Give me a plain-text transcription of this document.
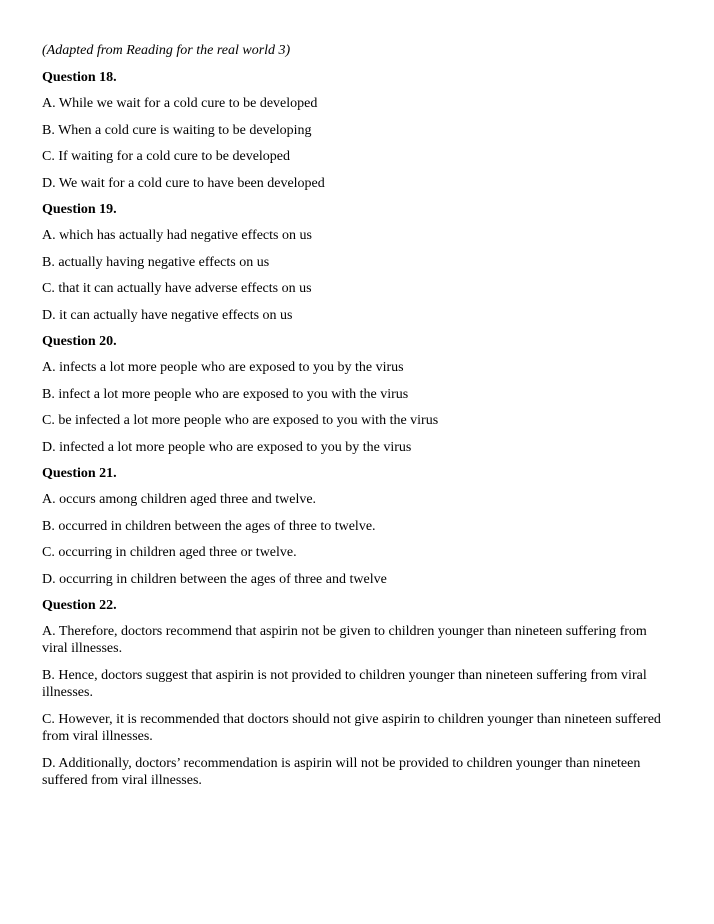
(Adapted from Reading for the real world 3)

Question 18.

A. While we wait for a cold cure to be developed

B. When a cold cure is waiting to be developing

C. If waiting for a cold cure to be developed

D. We wait for a cold cure to have been developed

Question 19.

A. which has actually had negative effects on us

B. actually having negative effects on us

C. that it can actually have adverse effects on us

D. it can actually have negative effects on us

Question 20.

A. infects a lot more people who are exposed to you by the virus

B. infect a lot more people who are exposed to you with the virus

C. be infected a lot more people who are exposed to you with the virus

D. infected a lot more people who are exposed to you by the virus

Question 21.

A. occurs among children aged three and twelve.

B. occurred in children between the ages of three to twelve.

C. occurring in children aged three or twelve.

D. occurring in children between the ages of three and twelve

Question 22.

A. Therefore, doctors recommend that aspirin not be given to children younger than nineteen suffering from viral illnesses.

B. Hence, doctors suggest that aspirin is not provided to children younger than nineteen suffering from viral illnesses.

C. However, it is recommended that doctors should not give aspirin to children younger than nineteen suffered from viral illnesses.

D. Additionally, doctors’ recommendation is aspirin will not be provided to children younger than nineteen suffered from viral illnesses.
